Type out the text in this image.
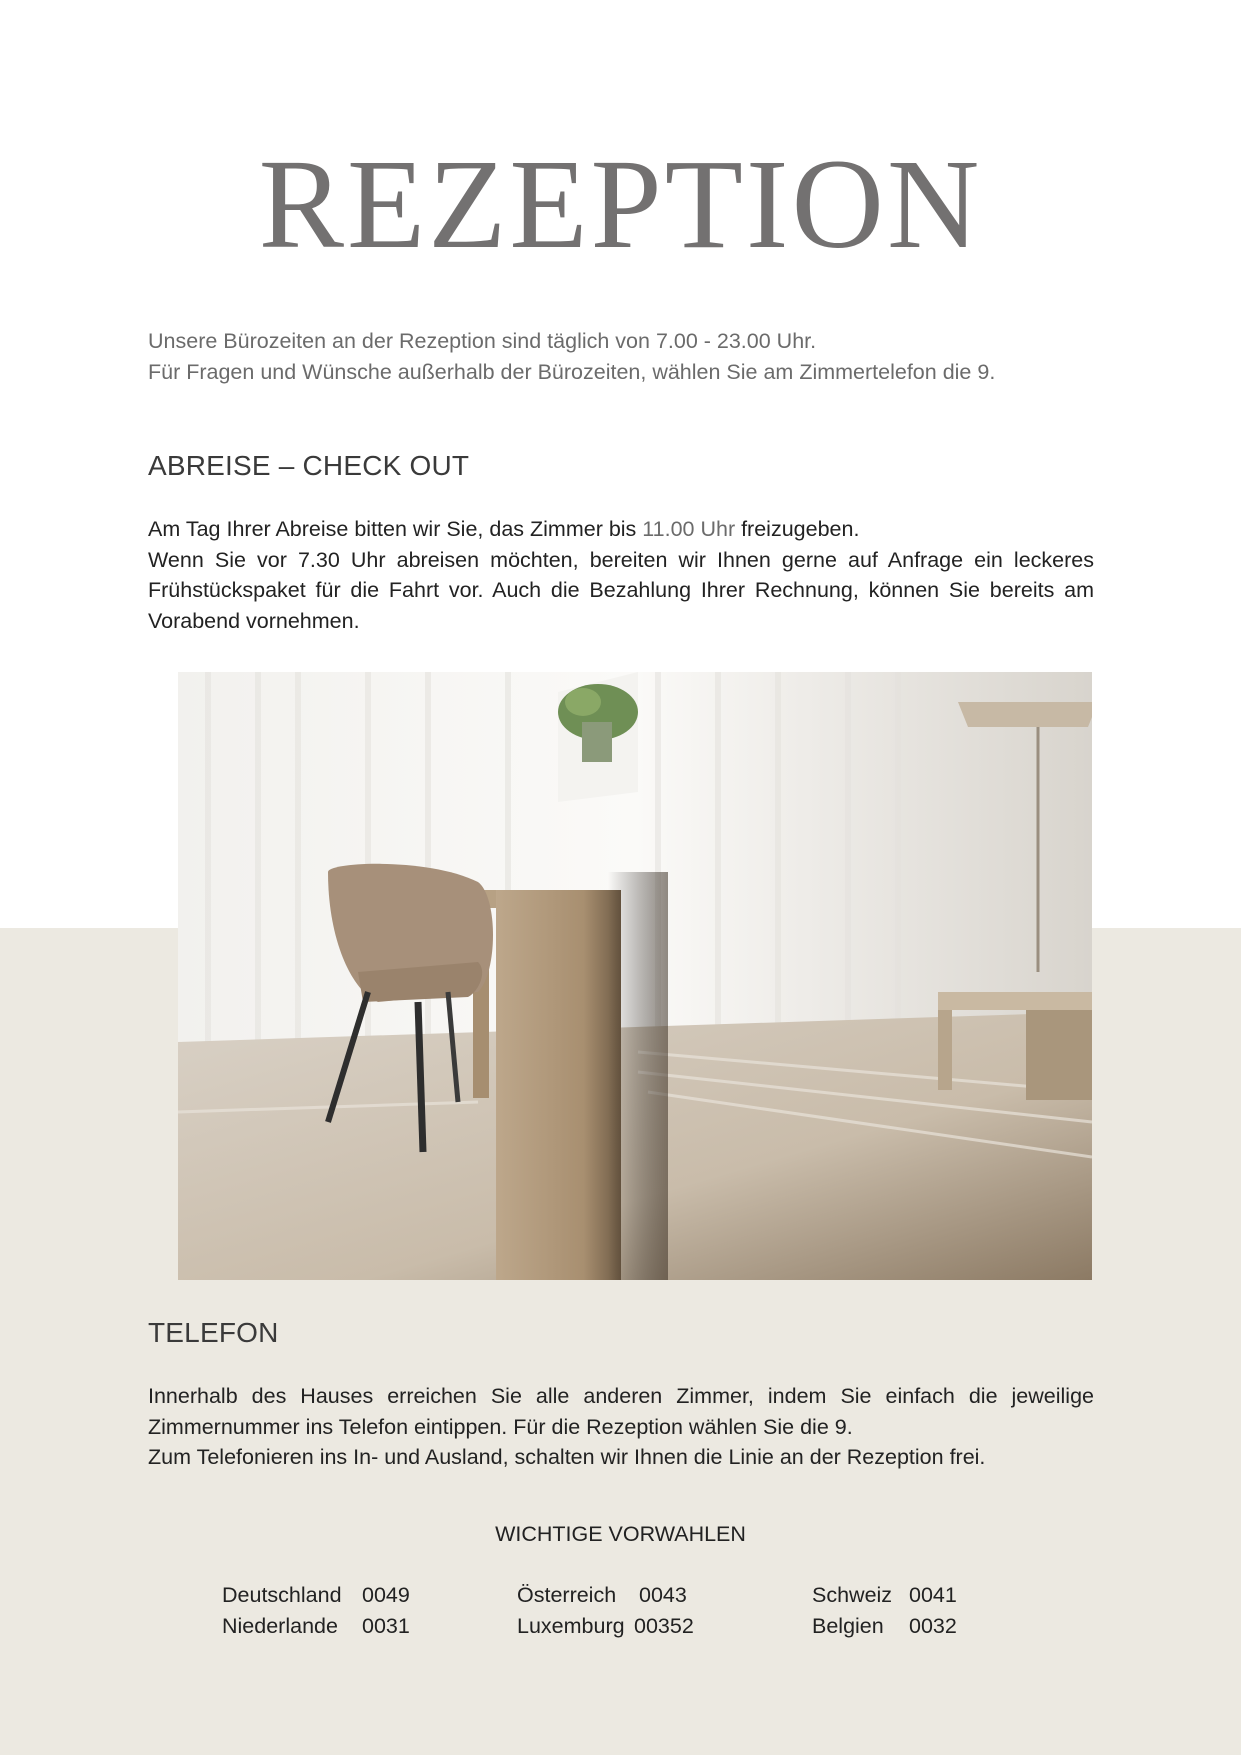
REZEPTION

Unsere Bürozeiten an der Rezeption sind täglich von 7.00 - 23.00 Uhr.

Für Fragen und Wünsche außerhalb der Bürozeiten, wählen Sie am Zimmertelefon die 9.

ABREISE – CHECK OUT

Am Tag Ihrer Abreise bitten wir Sie, das Zimmer bis 11.00 Uhr freizugeben.

Wenn Sie vor 7.30 Uhr abreisen möchten, bereiten wir Ihnen gerne auf Anfrage ein leckeres Frühstückspaket für die Fahrt vor. Auch die Bezahlung Ihrer Rechnung, können Sie bereits am Vorabend vornehmen.

TELEFON

Innerhalb des Hauses erreichen Sie alle anderen Zimmer, indem Sie einfach die jeweilige Zimmernummer ins Telefon eintippen. Für die Rezeption wählen Sie die 9.

Zum Telefonieren ins In- und Ausland, schalten wir Ihnen die Linie an der Rezeption frei.

WICHTIGE VORWAHLEN
Deutschland 0049
Niederlande 0031
Österreich 0043
Luxemburg 00352
Schweiz 0041
Belgien 0032
